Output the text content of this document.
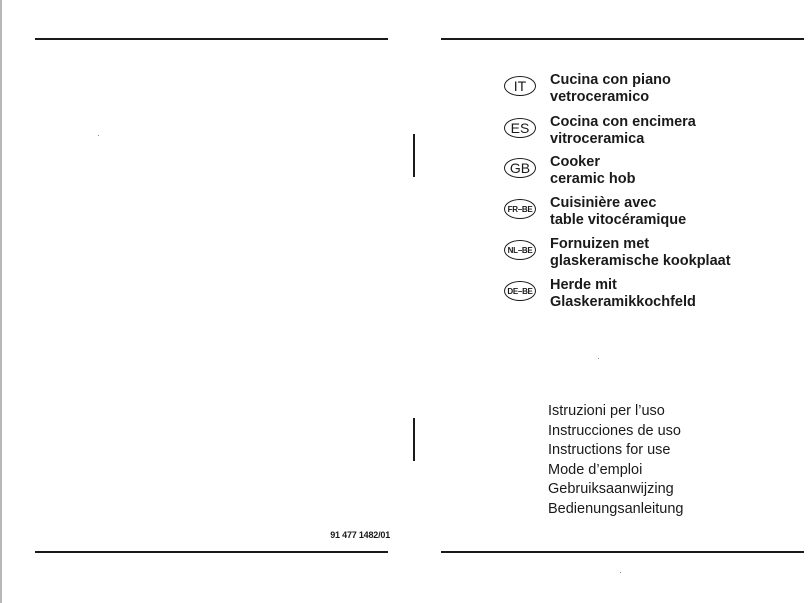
91 477 1482/01
IT	Cucina con piano
vetroceramico
ES	Cocina con encimera
vitroceramica
GB	Cooker
ceramic hob
FR–BE Cuisinière avec
table vitocéramique
NL–BE Fornuizen met
glaskeramische kookplaat
DE–BE Herde mit
Glaskeramikkochfeld
Istruzioni per l’uso
Instrucciones de uso
Instructions for use
Mode d’emploi
Gebruiksaanwijzing
Bedienungsanleitung
